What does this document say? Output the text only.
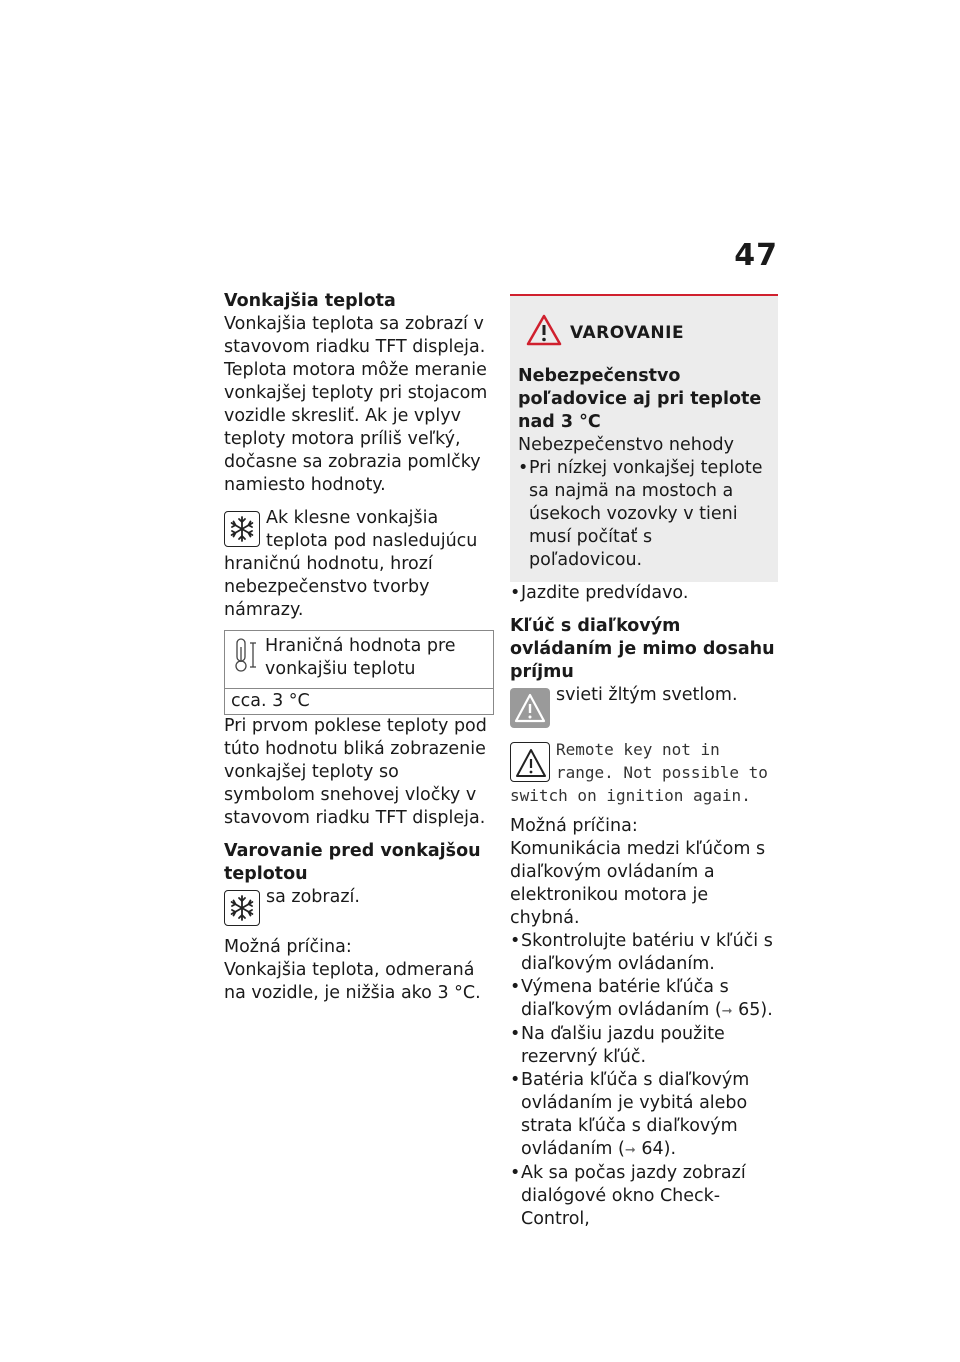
47
Vonkajšia teplota

Vonkajšia teplota sa zobrazí v stavovom riadku TFT displeja. Teplota motora môže meranie vonkajšej teploty pri stojacom vozidle skresliť. Ak je vplyv teploty motora príliš veľký, dočasne sa zobrazia pomlčky namiesto hodnoty.

Ak klesne vonkajšia teplota pod nasledujúcu hraničnú hodnotu, hrozí nebezpečenstvo tvorby námrazy.

Hraničná hodnota pre vonkajšiu teplotu
cca. 3 °C

Pri prvom poklese teploty pod túto hodnotu bliká zobrazenie vonkajšej teploty so symbolom snehovej vločky v stavovom riadku TFT displeja.

Varovanie pred vonkajšou teplotou

sa zobrazí.

Možná príčina:

Vonkajšia teplota, odmeraná na vozidle, je nižšia ako 3 °C.

VAROVANIE
Nebezpečenstvo poľadovice aj pri teplote nad 3 °C

Nebezpečenstvo nehody

• Pri nízkej vonkajšej teplote sa najmä na mostoch a úsekoch vozovky v tieni musí počítať s poľadovicou.
• Jazdite predvídavo.
Kľúč s diaľkovým ovládaním je mimo dosahu príjmu

svieti žltým svetlom.

Remote key not in range. Not possible to switch on ignition again.

Možná príčina:

Komunikácia medzi kľúčom s diaľkovým ovládaním a elektronikou motora je chybná.

• Skontrolujte batériu v kľúči s diaľkovým ovládaním.
• Výmena batérie kľúča s diaľkovým ovládaním (➞ 65).
• Na ďalšiu jazdu použite rezervný kľúč.
• Batéria kľúča s diaľkovým ovládaním je vybitá alebo strata kľúča s diaľkovým ovládaním (➞ 64).
• Ak sa počas jazdy zobrazí dialógové okno Check-Control,
